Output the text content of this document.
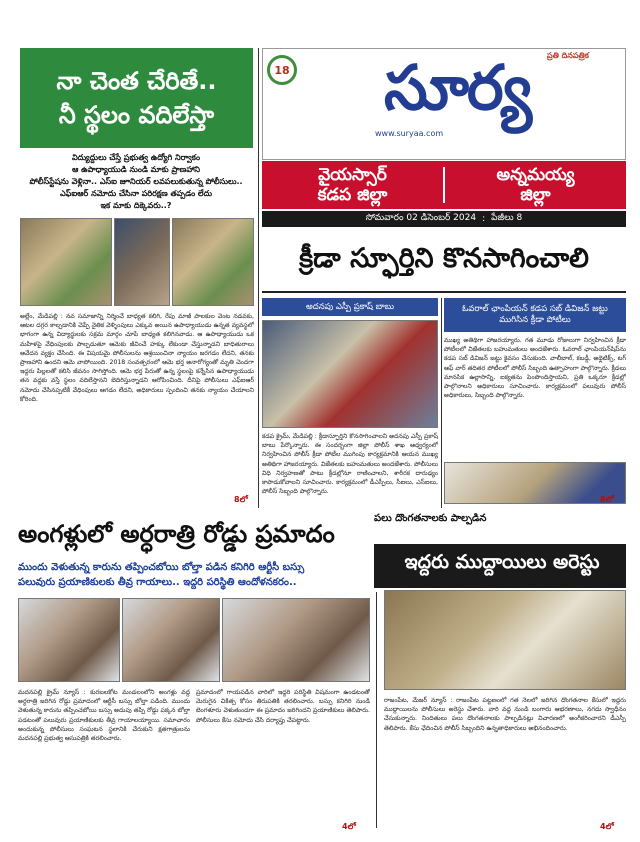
నా చెంత చేరితే..
నీ స్థలం వదిలేస్తా
విద్యుద్దులు చేస్తే ప్రభుత్వ ఉద్యోగి నిర్వాకం
ఆ ఉపాధ్యాయుడి నుండి మాకు ప్రాణహాని
పోలీస్‌స్టేషను వెళ్లినా.. ఎస్ఐ జూనియర్ లవపలుకుతున్న పోలీసులు..
ఎఫ్ఐఆర్ నమోదు చేసినా పరిరక్షణ తప్పడం లేదు
ఇక మాకు దిక్కెవరు..?
అల్లేం, మేడిపల్లి : నవ సమాజాన్ని నిర్మించే బాధ్యత కలిగి, రేపు మాజీ పాలకుల వెంట నడవకు, ఆటల దగ్గర కాల్చడానికి చెప్పే నైతిక వెళ్ళింపులు ఎక్కువ అయిన ఉపాధ్యాయుడు ఉన్నత వ్యవస్థలో భాగంగా ఉన్న విద్యార్థులకు సక్రమ మార్గం చూపే బాధ్యత కలిగినవాడు. ఆ ఉపాధ్యాయుడు ఒక మహిళపై వేధింపులకు పాల్పడుతూ ఆమెకు జీవించే హక్కు లేకుండా చేస్తున్నాడని బాధితురాలు ఆవేదన వ్యక్తం చేసింది. ఈ విషయమై పోలీసులను ఆశ్రయించినా న్యాయం జరగడం లేదని, తనకు ప్రాణహాని ఉందని ఆమె వాపోయింది. 2018 సంవత్సరంలో ఆమె భర్త అనారోగ్యంతో మృతి చెందగా ఇద్దరు పిల్లలతో కలిసి జీవనం సాగిస్తోంది. ఆమె భర్త పేరుతో ఉన్న స్థలంపై కన్నేసిన ఉపాధ్యాయుడు తన వద్దకు వస్తే స్థలం వదిలేస్తానని బెదిరిస్తున్నాడని ఆరోపించింది. దీనిపై పోలీసులు ఎఫ్ఐఆర్ నమోదు చేసినప్పటికీ వేధింపులు ఆగడం లేదని, అధికారులు స్పందించి తనకు న్యాయం చేయాలని కోరింది.
8లో
18
ప్రతి దినపత్రిక
సూర్య
www.suryaa.com
వైయస్సార్
కడప జిల్లా
అన్నమయ్య
జిల్లా
సోమవారం 02 డిసెంబర్ 2024 : పేజీలు 8
క్రీడా స్ఫూర్తిని కొనసాగించాలి
అదనపు ఎస్పీ ప్రకాష్ బాబు	ఓవరాల్ ఛాంపియన్ కడప సబ్ డివిజన్ జట్టు ముగిసిన క్రీడా పోటీలు
కడప క్రైమ్, మేడిపల్లి : క్రీడాస్ఫూర్తిని కొనసాగించాలని అదనపు ఎస్పీ ప్రకాష్ బాబు పేర్కొన్నారు. ఈ సందర్భంగా జిల్లా పోలీస్ శాఖ ఆధ్వర్యంలో నిర్వహించిన పోలీస్ క్రీడా పోటీల ముగింపు కార్యక్రమానికి ఆయన ముఖ్య అతిథిగా హాజరయ్యారు. విజేతలకు బహుమతులు అందజేశారు. పోలీసులు విధి నిర్వహణతో పాటు క్రీడల్లోనూ రాణించాలని, శారీరక దారుఢ్యం కాపాడుకోవాలని సూచించారు. కార్యక్రమంలో డీఎస్పీలు, సీఐలు, ఎస్ఐలు, పోలీస్ సిబ్బంది పాల్గొన్నారు.
ముఖ్య అతిథిగా హాజరయ్యారు. గత మూడు రోజులుగా నిర్వహించిన క్రీడా పోటీలలో విజేతలకు బహుమతులు అందజేశారు. ఓవరాల్ ఛాంపియన్‌షిప్‌ను కడప సబ్ డివిజన్ జట్టు కైవసం చేసుకుంది. వాలీబాల్, కబడ్డీ, అథ్లెటిక్స్, టగ్ ఆఫ్ వార్ తదితర పోటీలలో పోలీస్ సిబ్బంది ఉత్సాహంగా పాల్గొన్నారు. క్రీడలు మానసిక ఉల్లాసాన్ని, ఐక్యతను పెంపొందిస్తాయని, ప్రతి ఒక్కరూ క్రీడల్లో పాల్గొనాలని అధికారులు సూచించారు. కార్యక్రమంలో పలువురు పోలీస్ అధికారులు, సిబ్బంది పాల్గొన్నారు.
8లో
అంగళ్లులో అర్ధరాత్రి రోడ్డు ప్రమాదం
ముందు వెళుతున్న కారును తప్పించబోయి బోల్తా పడిన కనిగిరి ఆర్టీసీ బస్సు
పలువురు ప్రయాణికులకు తీవ్ర గాయాలు.. ఇద్దరి పరిస్థితి ఆందోళనకరం..
మదనపల్లి క్రైమ్ న్యూస్ : కురబలకోట మండలంలోని అంగళ్లు వద్ద అర్ధరాత్రి జరిగిన రోడ్డు ప్రమాదంలో ఆర్టీసీ బస్సు బోల్తా పడింది. ముందు వెళుతున్న కారును తప్పించబోయి బస్సు అదుపు తప్పి రోడ్డు పక్కన బోల్తా పడటంతో పలువురు ప్రయాణికులకు తీవ్ర గాయాలయ్యాయి. సమాచారం అందుకున్న పోలీసులు సంఘటన స్థలానికి చేరుకుని క్షతగాత్రులను మదనపల్లి ప్రభుత్వ ఆసుపత్రికి తరలించారు.
ప్రమాదంలో గాయపడిన వారిలో ఇద్దరి పరిస్థితి విషమంగా ఉండటంతో మెరుగైన చికిత్స కోసం తిరుపతికి తరలించారు. బస్సు కనిగిరి నుండి బెంగళూరు వెళుతుండగా ఈ ప్రమాదం జరిగిందని ప్రయాణికులు తెలిపారు. పోలీసులు కేసు నమోదు చేసి దర్యాప్తు చేపట్టారు.
4లో
పలు దొంగతనాలకు పాల్పడిన
ఇద్దరు ముద్దాయిలు అరెస్టు
రాజంపేట, మేజర్ న్యూస్ : రాజంపేట పట్టణంలో గత నెలలో జరిగిన దొంగతనాల కేసులో ఇద్దరు ముద్దాయిలను పోలీసులు అరెస్టు చేశారు. వారి వద్ద నుండి బంగారు ఆభరణాలు, నగదు స్వాధీనం చేసుకున్నారు. నిందితులు పలు దొంగతనాలకు పాల్పడినట్లు విచారణలో అంగీకరించారని డీఎస్పీ తెలిపారు. కేసు ఛేదించిన పోలీస్ సిబ్బందిని ఉన్నతాధికారులు అభినందించారు.
4లో
